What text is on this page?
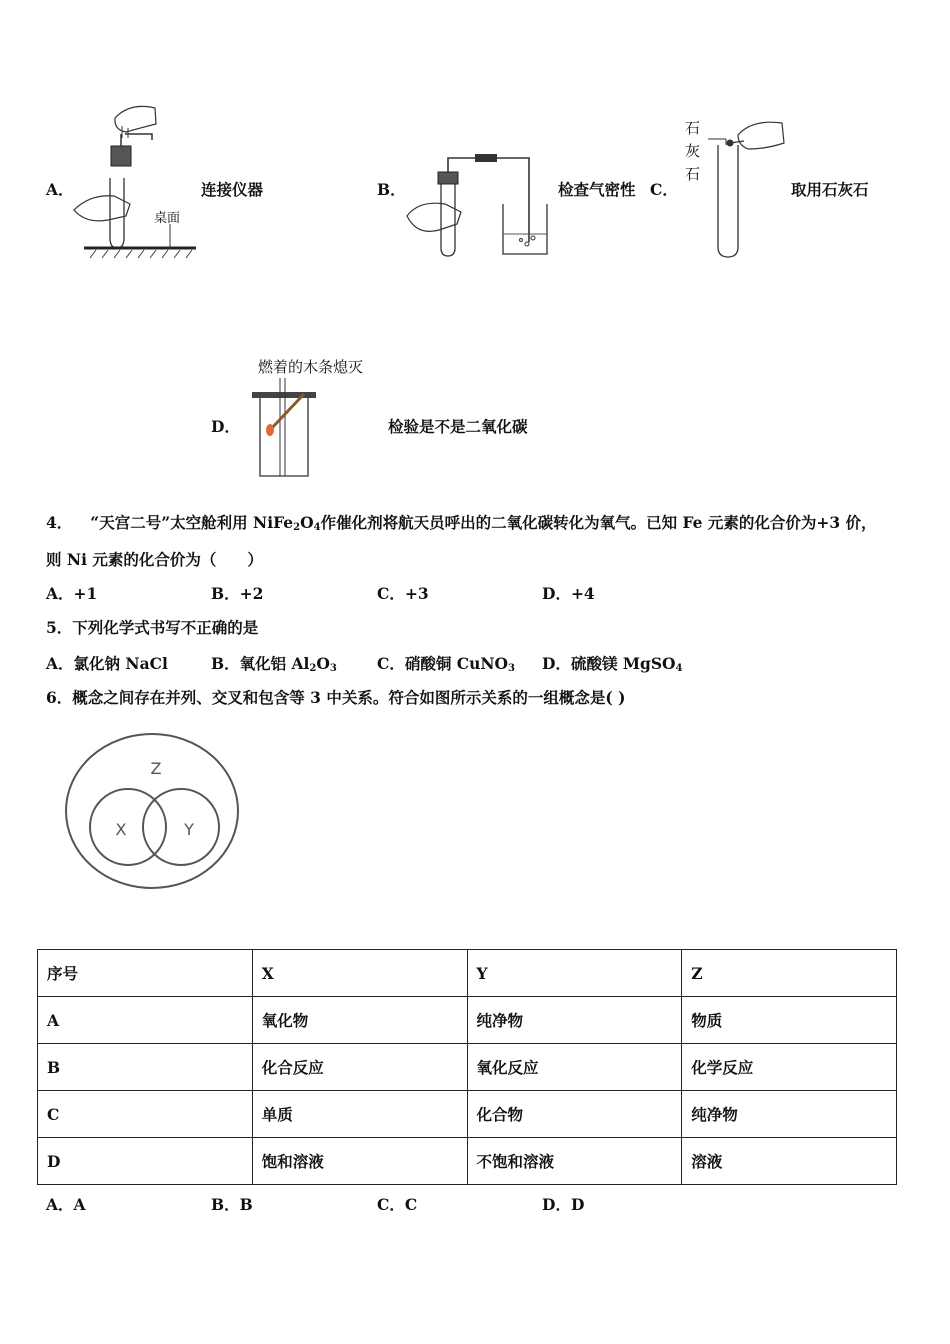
A．
桌面
连接仪器	B．	检查气密性 C．
石
灰
石
取用石灰石
D．
燃着的木条熄灭
检验是不是二氧化碳
4． “天宫二号”太空舱利用 $NiFe_2O_4$作催化剂将航天员呼出的二氧化碳转化为氧气。已知 Fe 元素的化合价为+3 价，
则 Ni 元素的化合价为（　　）
A．+1	B．+2	C．+3	D．+4
5．下列化学式书写不正确的是
A．氯化钠 NaCl	B．氧化铝 $Al_2O_3$	C．硝酸铜 CuNO$_3$ D．硫酸镁 MgSO$_4$
6．概念之间存在并列、交叉和包含等 3 中关系。符合如图所示关系的一组概念是( )
Z
X	Y
序号	X	Y	Z
A	氧化物	纯净物	物质
B	化合反应	氧化反应	化学反应
C	单质	化合物	纯净物
D	饱和溶液	不饱和溶液	溶液
A．A	B．B	C．C	D．D
